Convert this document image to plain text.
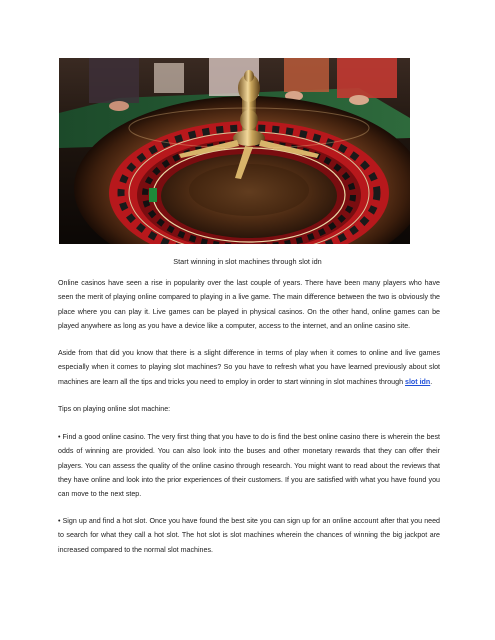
Start winning in slot machines through slot idn

Online casinos have seen a rise in popularity over the last couple of years. There have been many players who have seen the merit of playing online compared to playing in a live game. The main difference between the two is obviously the place where you can play it. Live games can be played in physical casinos. On the other hand, online games can be played anywhere as long as you have a device like a computer, access to the internet, and an online casino site.

Aside from that did you know that there is a slight difference in terms of play when it comes to online and live games especially when it comes to playing slot machines? So you have to refresh what you have learned previously about slot machines are learn all the tips and tricks you need to employ in order to start winning in slot machines through slot idn.

Tips on playing online slot machine:

• Find a good online casino. The very first thing that you have to do is find the best online casino there is wherein the best odds of winning are provided. You can also look into the buses and other monetary rewards that they can offer their players. You can assess the quality of the online casino through research. You might want to read about the reviews that they have online and look into the prior experiences of their customers. If you are satisfied with what you have found you can move to the next step.

• Sign up and find a hot slot. Once you have found the best site you can sign up for an online account after that you need to search for what they call a hot slot. The hot slot is slot machines wherein the chances of winning the big jackpot are increased compared to the normal slot machines.
